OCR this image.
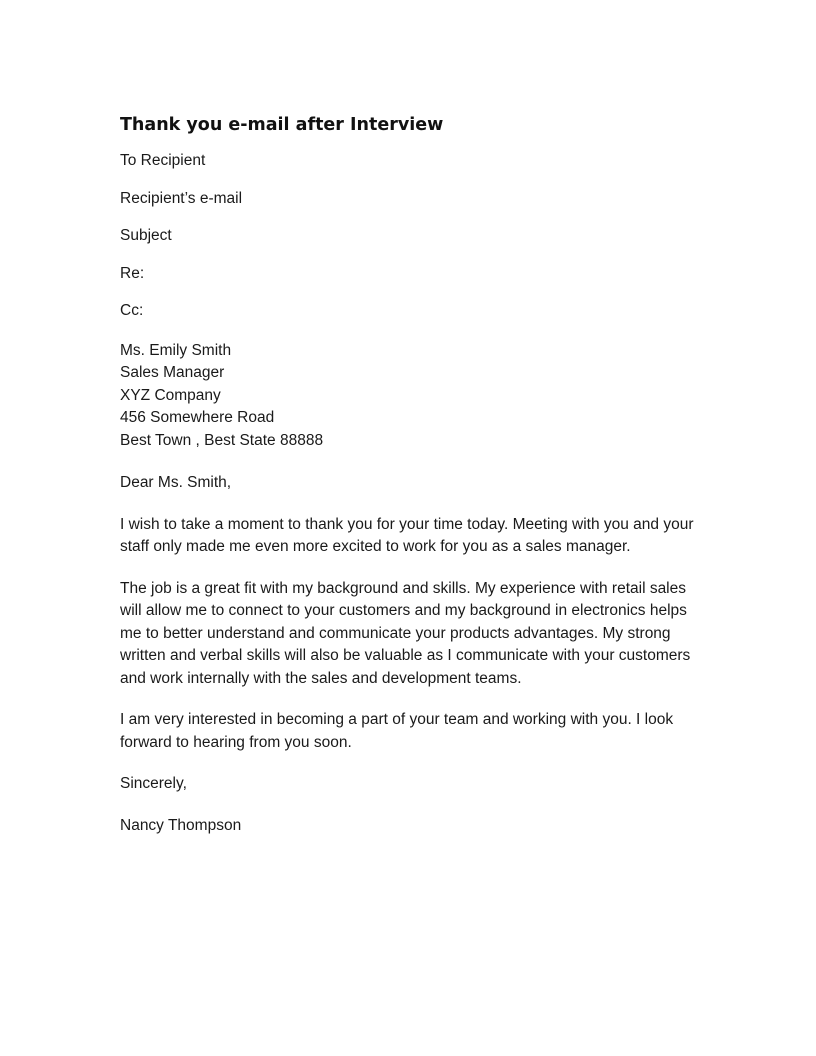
Thank you e-mail after Interview
To Recipient
Recipient’s e-mail
Subject
Re:
Cc:
Ms. Emily Smith
Sales Manager
XYZ Company
456 Somewhere Road
Best Town , Best State 88888
Dear Ms. Smith,
I wish to take a moment to thank you for your time today. Meeting with you and your staff only made me even more excited to work for you as a sales manager.
The job is a great fit with my background and skills. My experience with retail sales will allow me to connect to your customers and my background in electronics helps me to better understand and communicate your products advantages. My strong written and verbal skills will also be valuable as I communicate with your customers and work internally with the sales and development teams.
I am very interested in becoming a part of your team and working with you. I look forward to hearing from you soon.
Sincerely,
Nancy Thompson
